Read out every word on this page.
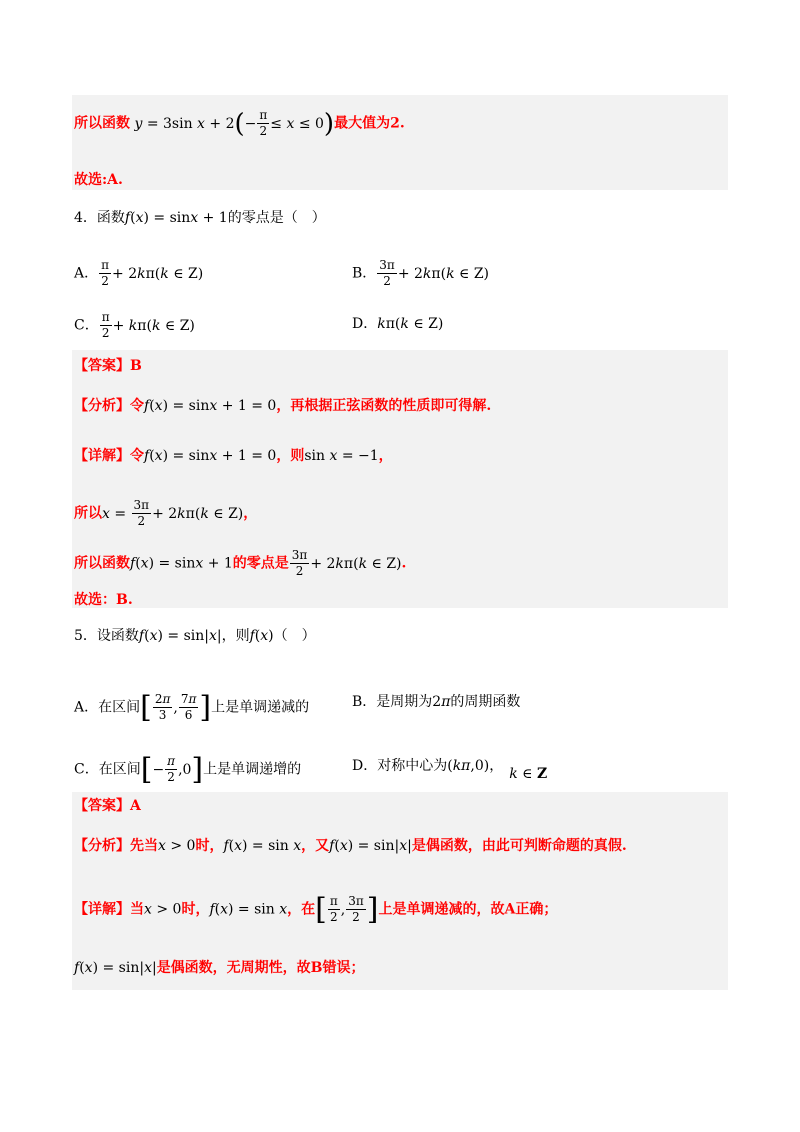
所以函数 y = 3sin $x + 2(- \frac{\pi}{2} \le x \le 0)$最大值为2.
故选:A.
4．函数f(x) = sinx + 1的零点是（　）
A． $\frac{\pi}{2} + 2k\pi(k$ ∈ Z)	B． $\frac{3\pi}{2} + 2k\pi(k$ ∈ Z)
C． $\frac{\pi}{2} + k\pi(k$ ∈ Z)	D．kπ(k ∈ Z)
【答案】B
【分析】令f(x) = sinx + 1 = 0，再根据正弦函数的性质即可得解.
【详解】令f(x) = sinx + 1 = 0，则sin x = −1，
所以$x = \frac{3\pi}{2} + 2k\pi(k$ ∈ Z)，
所以函数f(x) = sinx + 1的零点是 $\frac{3\pi}{2} + 2k\pi(k$ ∈ Z).
故选：B.
5．设函数f(x) = sin|x|，则f(x)（　）
A．在区间[ $\frac{2\pi}{3}$ , $\frac{7\pi}{6}$ ]上是单调递减的	B．是周期为2π的周期函数
C．在区间[− $\frac{\pi}{2} ,0$]上是单调递增的	D．对称中心为(kπ,0)， k ∈ Z
【答案】A
【分析】先当x > 0时，f(x) = sin x，又f(x) = sin|x|是偶函数，由此可判断命题的真假.
【详解】当x > 0时，f(x) = sin x，在[ $\frac{\pi}{2}$ , $\frac{3\pi}{2}$ ]上是单调递减的，故A正确；
f(x) = sin|x|是偶函数，无周期性，故B错误；
